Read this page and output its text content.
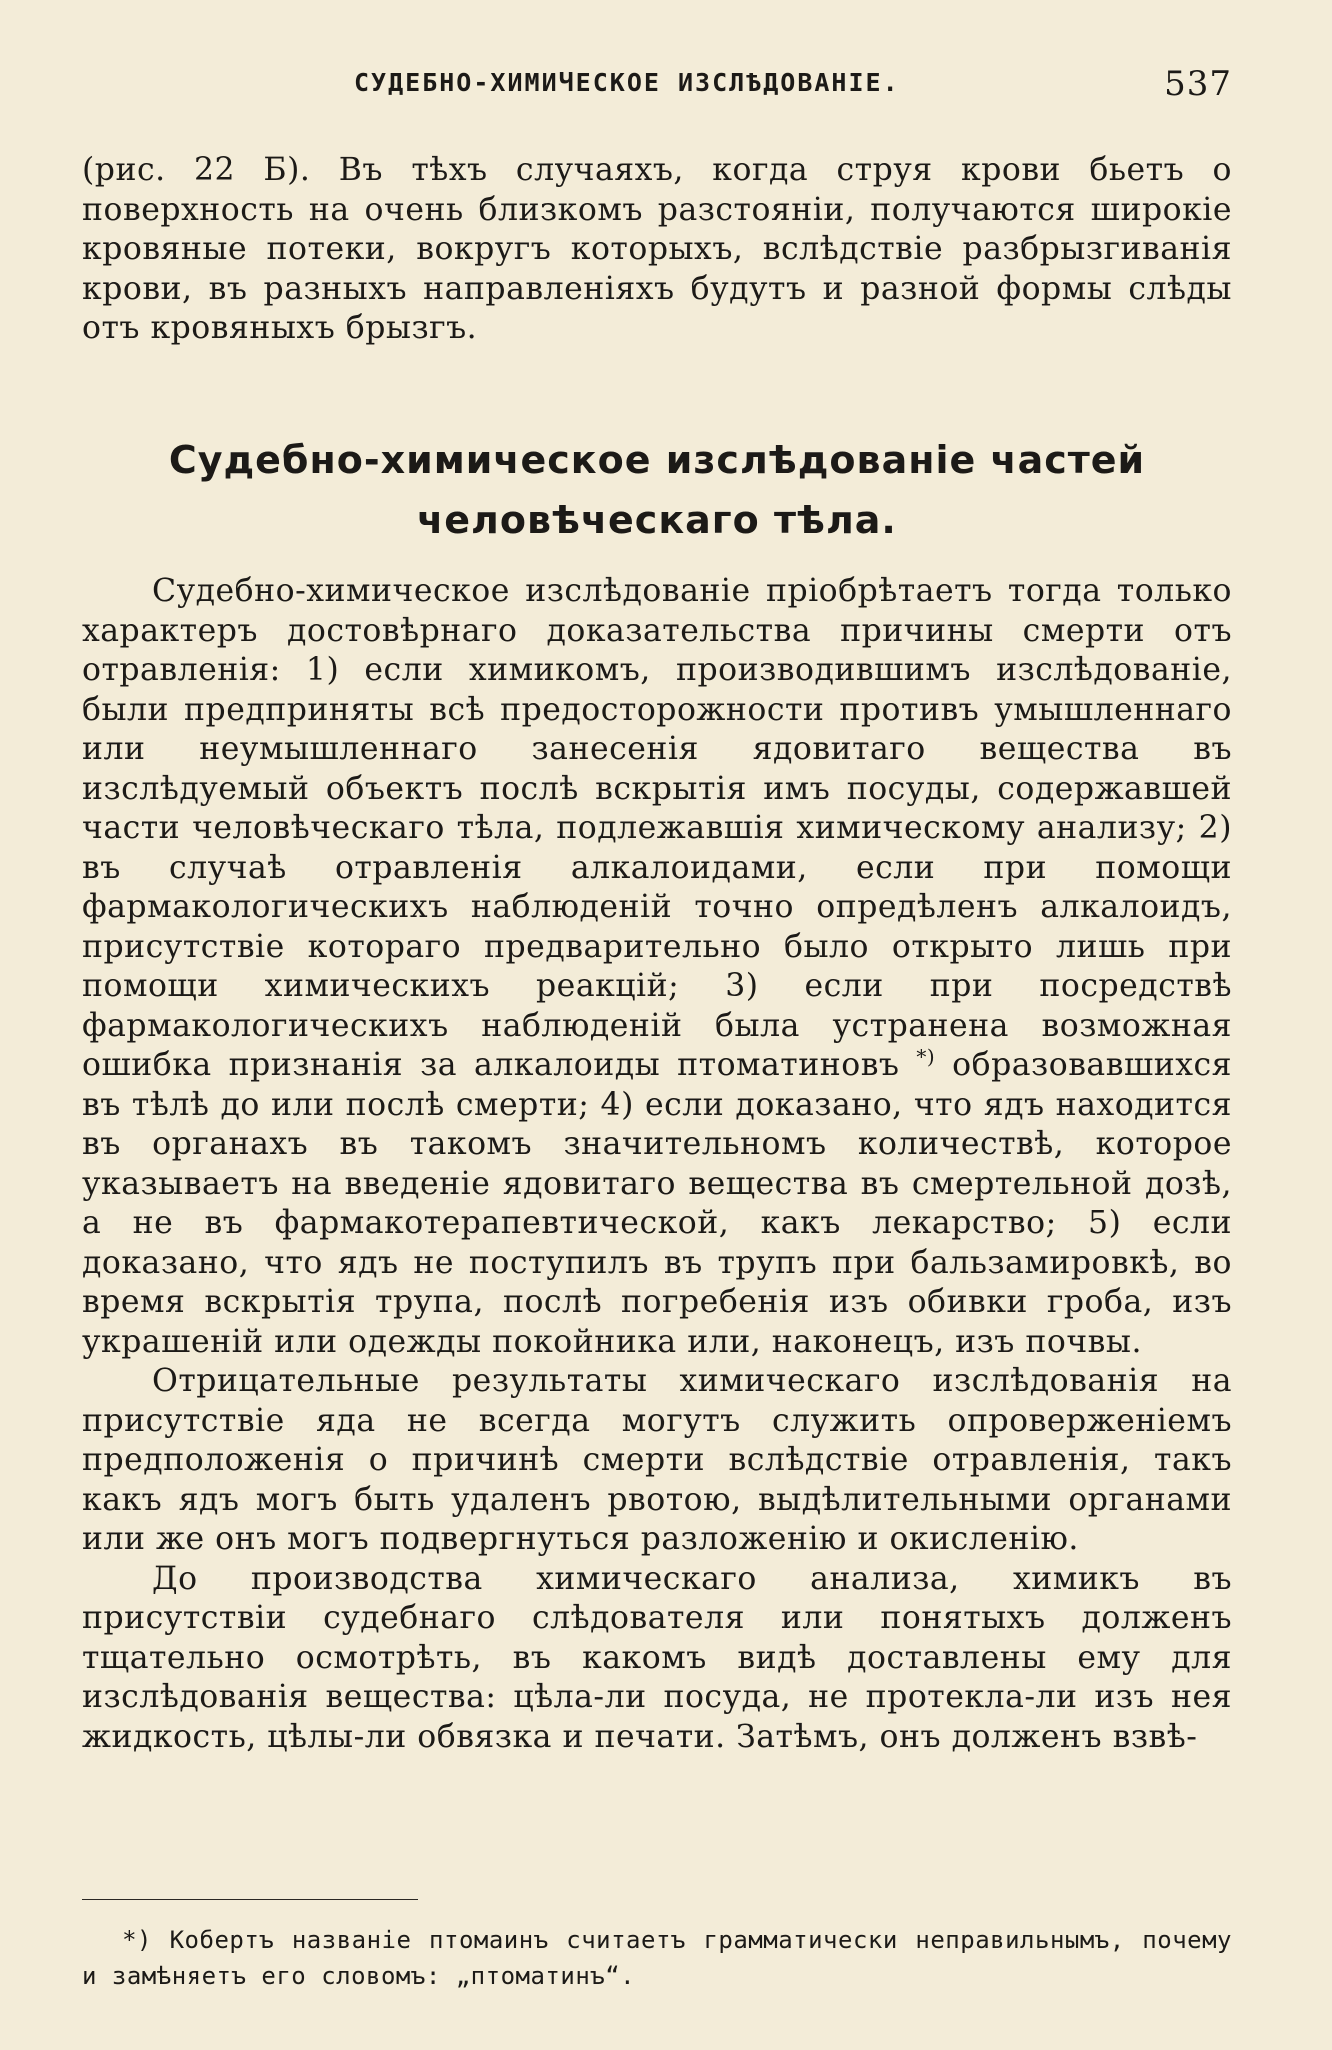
СУДЕБНО-ХИМИЧЕСКОЕ ИЗСЛѢДОВАНІЕ.	537

(рис. 22 Б). Въ тѣхъ случаяхъ, когда струя крови бьетъ о поверхность на очень близкомъ разстояніи, получаются широкіе кровяные потеки, вокругъ которыхъ, вслѣдствіе разбрызгиванія крови, въ разныхъ направленіяхъ будутъ и разной формы слѣды отъ кровяныхъ брызгъ.

Судебно-химическое изслѣдованіе частей
человѣческаго тѣла.

Судебно-химическое изслѣдованіе пріобрѣтаетъ тогда только характеръ достовѣрнаго доказательства причины смерти отъ отравленія: 1) если химикомъ, производившимъ изслѣдованіе, были предприняты всѣ предосторожности противъ умышленнаго или неумышленнаго занесенія ядовитаго вещества въ изслѣдуемый объектъ послѣ вскрытія имъ посуды, содержавшей части человѣческаго тѣла, подлежавшія химическому анализу; 2) въ случаѣ отравленія алкалоидами, если при помощи фармакологическихъ наблюденій точно опредѣленъ алкалоидъ, присутствіе котораго предварительно было открыто лишь при помощи химическихъ реакцій; 3) если при посредствѣ фармакологическихъ наблюденій была устранена возможная ошибка признанія за алкалоиды птоматиновъ *) образовавшихся въ тѣлѣ до или послѣ смерти; 4) если доказано, что ядъ находится въ органахъ въ такомъ значительномъ количествѣ, которое указываетъ на введеніе ядовитаго вещества въ смертельной дозѣ, а не въ фармакотерапевтической, какъ лекарство; 5) если доказано, что ядъ не поступилъ въ трупъ при бальзамировкѣ, во время вскрытія трупа, послѣ погребенія изъ обивки гроба, изъ украшеній или одежды покойника или, наконецъ, изъ почвы.

Отрицательные результаты химическаго изслѣдованія на присутствіе яда не всегда могутъ служить опроверженіемъ предположенія о причинѣ смерти вслѣдствіе отравленія, такъ какъ ядъ могъ быть удаленъ рвотою, выдѣлительными органами или же онъ могъ подвергнуться разложенію и окисленію.

До производства химическаго анализа, химикъ въ присутствіи судебнаго слѣдователя или понятыхъ долженъ тщательно осмотрѣть, въ какомъ видѣ доставлены ему для изслѣдованія вещества: цѣла-ли посуда, не протекла-ли изъ нея жидкость, цѣлы-ли обвязка и печати. Затѣмъ, онъ долженъ взвѣ-

*) Кобертъ названіе птомаинъ считаетъ грамматически неправильнымъ, почему и замѣняетъ его словомъ: „птоматинъ“.
